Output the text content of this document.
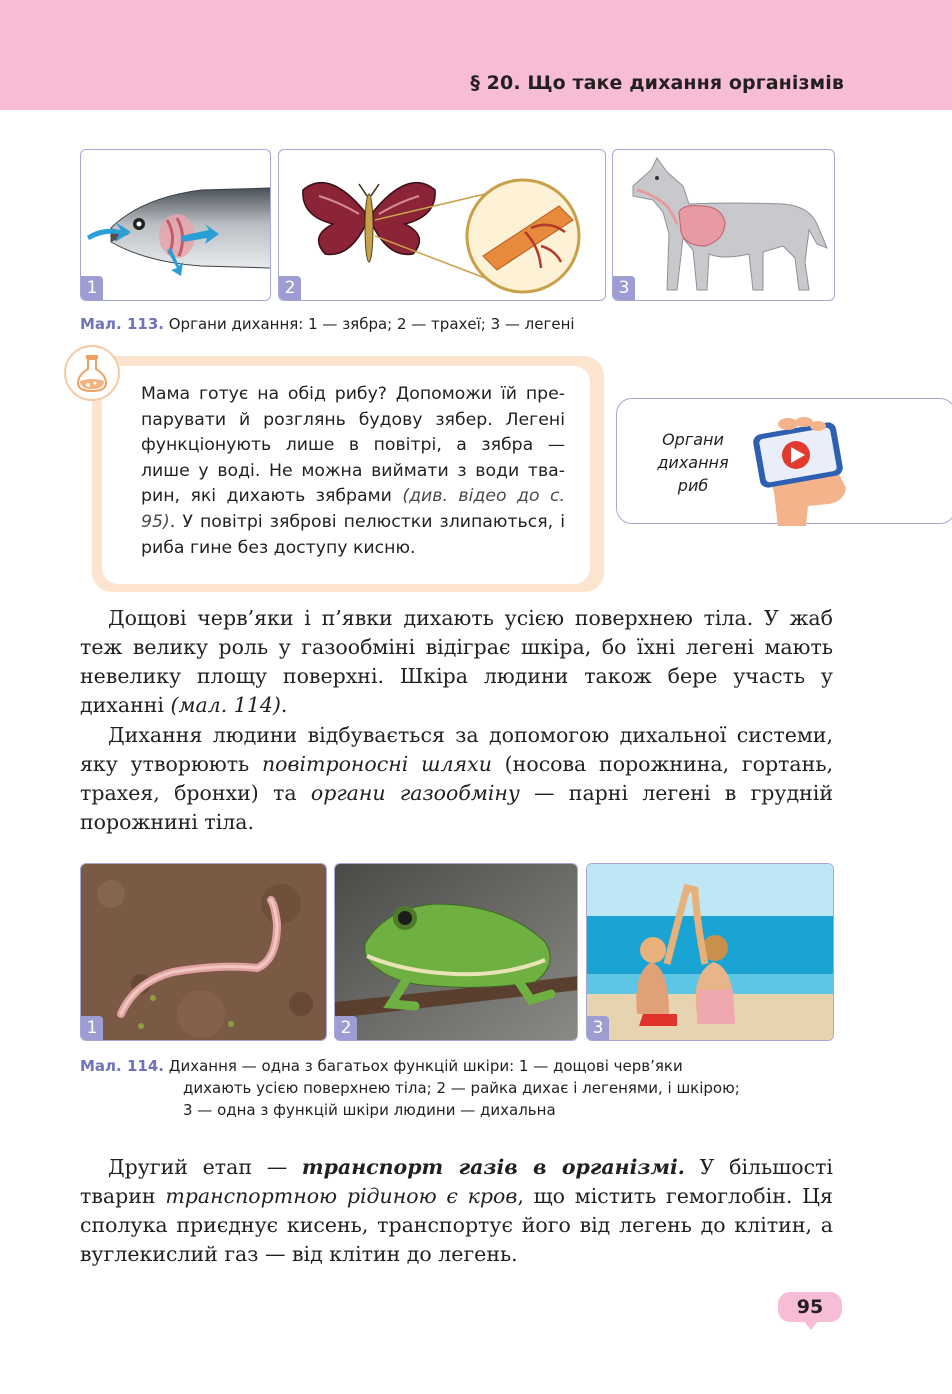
§ 20. Що таке дихання організмів
1	2	3
Мал. 113. Органи дихання: 1 — зябра; 2 — трахеї; 3 — легені
Мама готує на обід рибу? Допоможи їй препарувати й розглянь будову зябер. Легені функціонують лише в повітрі, а зябра — лише у воді. Не можна виймати з води тварин, які дихають зябрами (див. відео до с. 95). У повітрі зяброві пелюстки злипаються, і риба гине без доступу кисню.
Органи
дихання
риб
Дощові черв’яки і п’явки дихають усією поверхнею тіла. У жаб теж велику роль у газообміні відіграє шкіра, бо їхні легені мають невелику площу поверхні. Шкіра людини також бере участь у диханні (мал. 114).
Дихання людини відбувається за допомогою дихальної системи, яку утворюють повітроносні шляхи (носова порожнина, гортань, трахея, бронхи) та органи газообміну — парні легені в грудній порожнині тіла.
1	2	3
Мал. 114. Дихання — одна з багатьох функцій шкіри: 1 — дощові черв’яки
дихають усією поверхнею тіла; 2 — райка дихає і легенями, і шкірою;
3 — одна з функцій шкіри людини — дихальна
Другий етап — транспорт газів в організмі. У більшості тварин транспортною рідиною є кров, що містить гемоглобін. Ця сполука приєднує кисень, транспортує його від легень до клітин, а вуглекислий газ — від клітин до легень.
95
